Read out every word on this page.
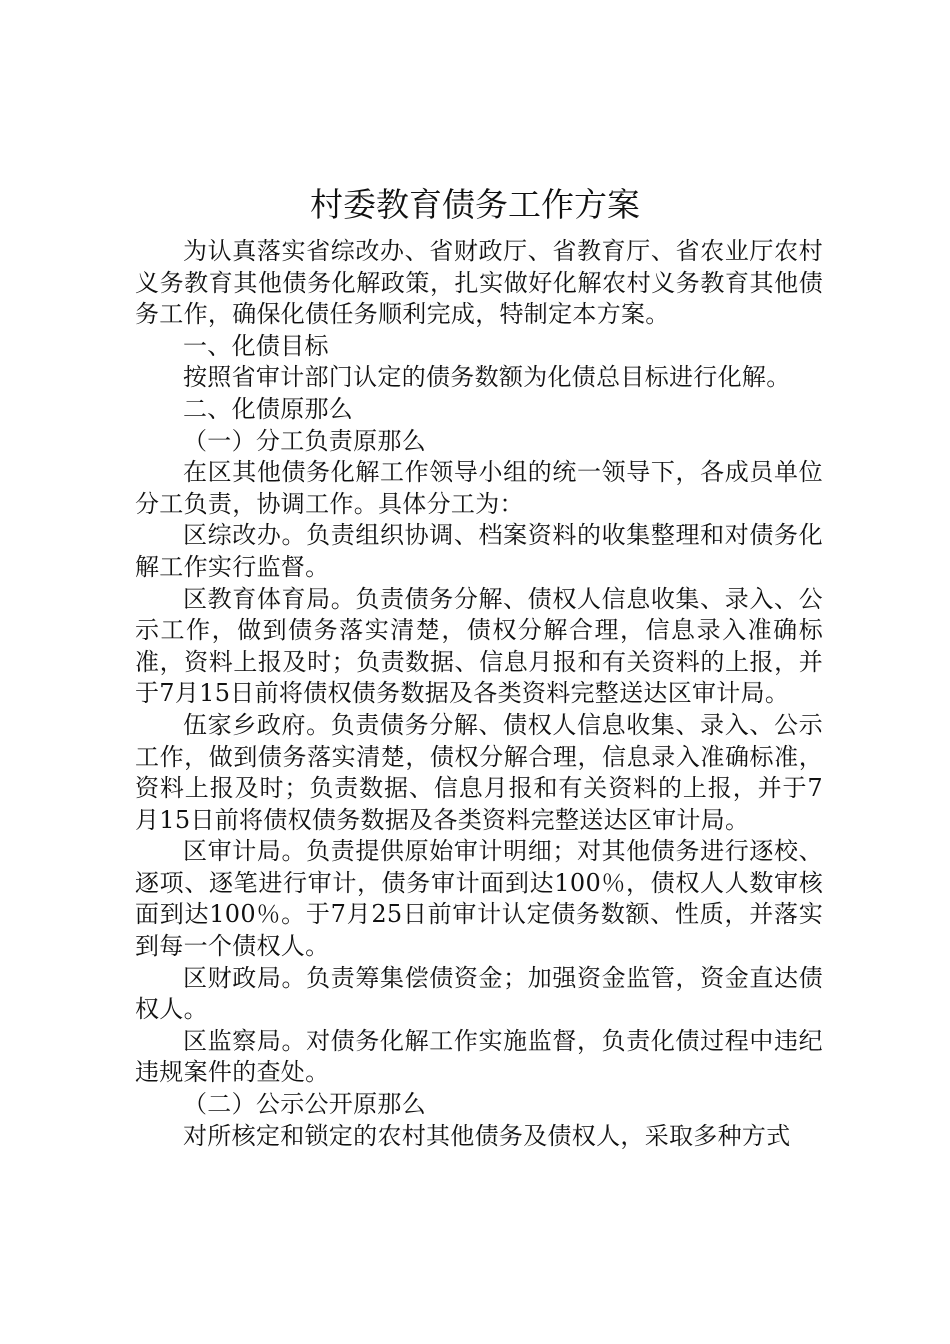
村委教育债务工作方案

为认真落实省综改办、省财政厅、省教育厅、省农业厅农村义务教育其他债务化解政策，扎实做好化解农村义务教育其他债务工作，确保化债任务顺利完成，特制定本方案。

一、化债目标

按照省审计部门认定的债务数额为化债总目标进行化解。

二、化债原那么

（一）分工负责原那么

在区其他债务化解工作领导小组的统一领导下，各成员单位分工负责，协调工作。具体分工为：

区综改办。负责组织协调、档案资料的收集整理和对债务化解工作实行监督。

区教育体育局。负责债务分解、债权人信息收集、录入、公示工作，做到债务落实清楚，债权分解合理，信息录入准确标准，资料上报及时；负责数据、信息月报和有关资料的上报，并于7月15日前将债权债务数据及各类资料完整送达区审计局。

伍家乡政府。负责债务分解、债权人信息收集、录入、公示工作，做到债务落实清楚，债权分解合理，信息录入准确标准，资料上报及时；负责数据、信息月报和有关资料的上报，并于7月15日前将债权债务数据及各类资料完整送达区审计局。

区审计局。负责提供原始审计明细；对其他债务进行逐校、逐项、逐笔进行审计，债务审计面到达100％，债权人人数审核面到达100％。于7月25日前审计认定债务数额、性质，并落实到每一个债权人。

区财政局。负责筹集偿债资金；加强资金监管，资金直达债权人。

区监察局。对债务化解工作实施监督，负责化债过程中违纪违规案件的查处。

（二）公示公开原那么

对所核定和锁定的农村其他债务及债权人，采取多种方式
